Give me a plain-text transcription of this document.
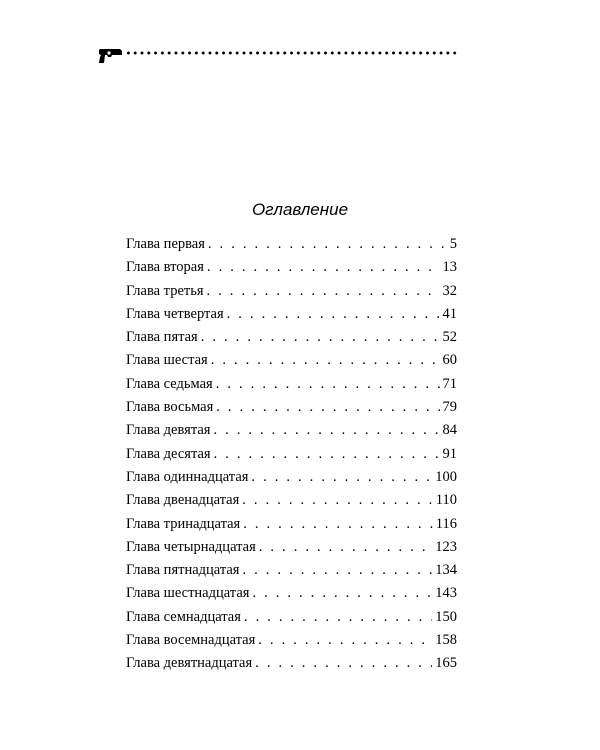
Оглавление
Глава первая . . .	5
Глава вторая . . .	13
Глава третья . . .	32
Глава четвертая . . .	41
Глава пятая . . .	52
Глава шестая . . .	60
Глава седьмая . . .	71
Глава восьмая . . .	79
Глава девятая . . .	84
Глава десятая . . .	91
Глава одиннадцатая . . .	100
Глава двенадцатая . . .	110
Глава тринадцатая . . .	116
Глава четырнадцатая . . .	123
Глава пятнадцатая . . .	134
Глава шестнадцатая . . .	143
Глава семнадцатая . . .	150
Глава восемнадцатая . . .	158
Глава девятнадцатая . . .	165
